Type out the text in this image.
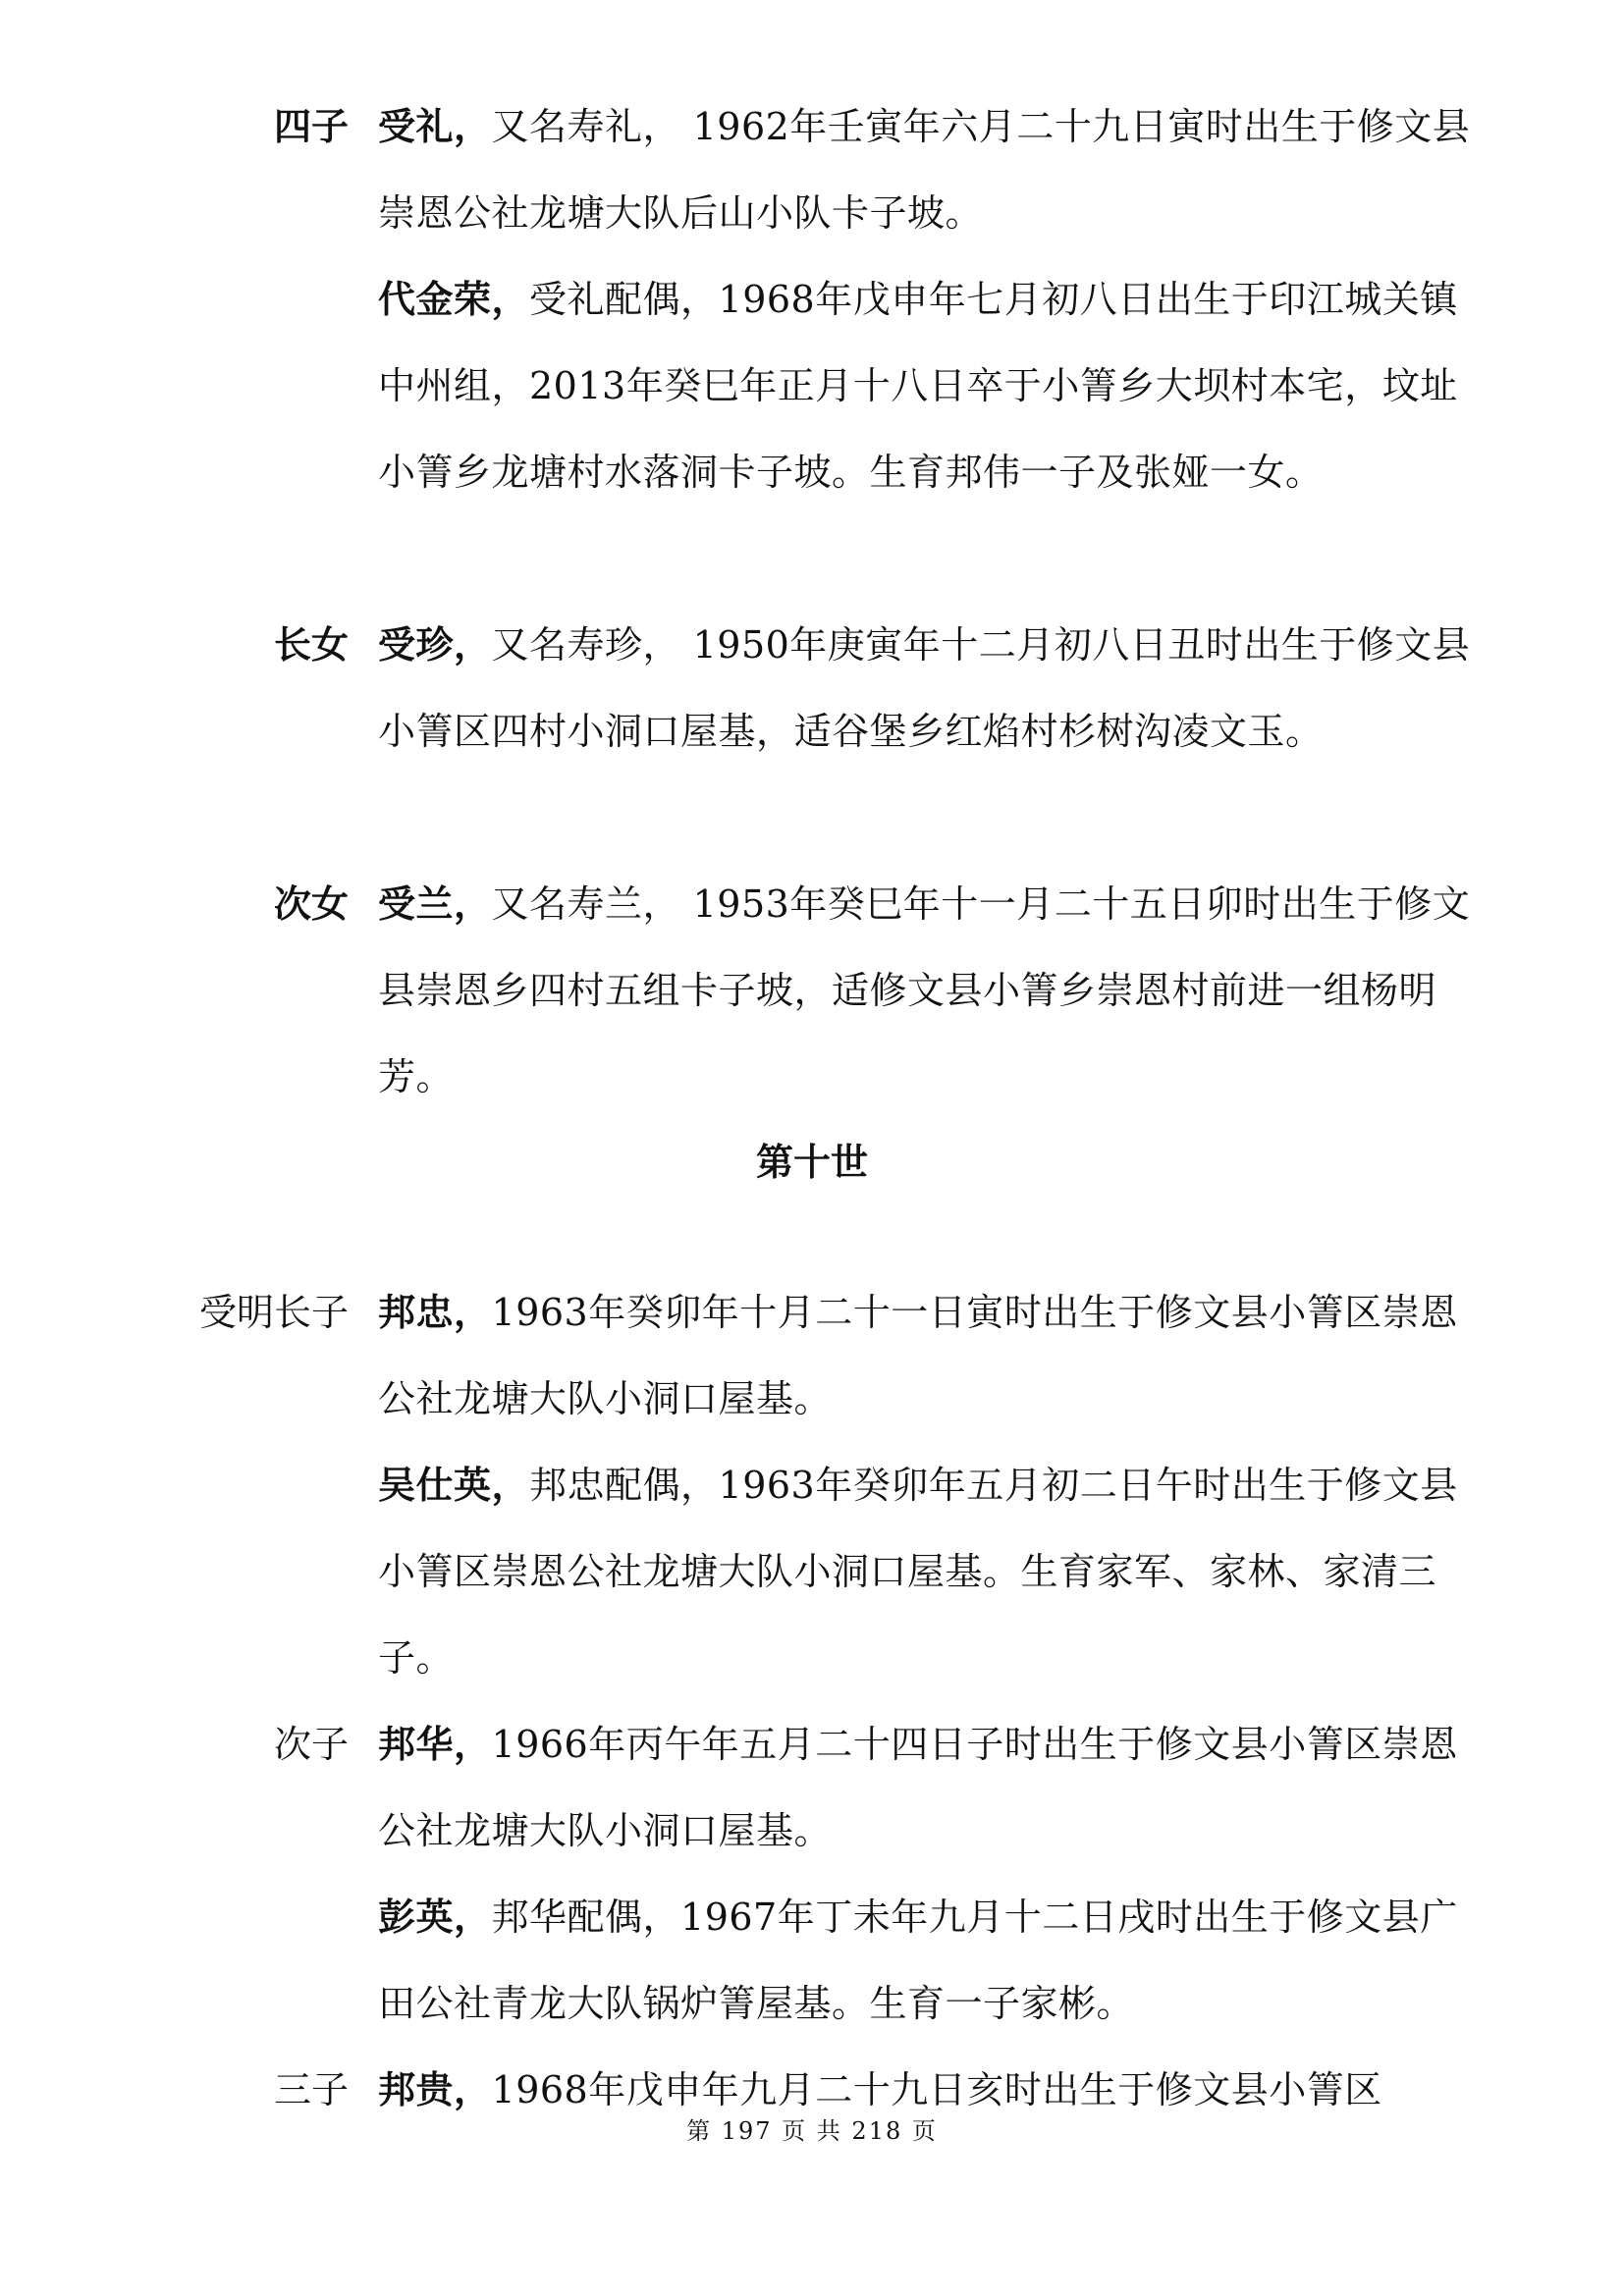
四子 受礼，又名寿礼， 1962年壬寅年六月二十九日寅时出生于修文县崇恩公社龙塘大队后山小队卡子坡。
代金荣，受礼配偶，1968年戊申年七月初八日出生于印江城关镇中州组，2013年癸巳年正月十八日卒于小箐乡大坝村本宅，坟址小箐乡龙塘村水落洞卡子坡。生育邦伟一子及张娅一女。
长女 受珍，又名寿珍， 1950年庚寅年十二月初八日丑时出生于修文县小箐区四村小洞口屋基，适谷堡乡红焰村杉树沟凌文玉。
次女 受兰，又名寿兰， 1953年癸巳年十一月二十五日卯时出生于修文县崇恩乡四村五组卡子坡，适修文县小箐乡崇恩村前进一组杨明芳。
第十世
受明长子 邦忠，1963年癸卯年十月二十一日寅时出生于修文县小箐区崇恩公社龙塘大队小洞口屋基。
吴仕英，邦忠配偶，1963年癸卯年五月初二日午时出生于修文县小箐区崇恩公社龙塘大队小洞口屋基。生育家军、家林、家清三子。
次子 邦华，1966年丙午年五月二十四日子时出生于修文县小箐区崇恩公社龙塘大队小洞口屋基。
彭英，邦华配偶，1967年丁未年九月十二日戌时出生于修文县广田公社青龙大队锅炉箐屋基。生育一子家彬。
三子 邦贵，1968年戊申年九月二十九日亥时出生于修文县小箐区
第 197 页 共 218 页
